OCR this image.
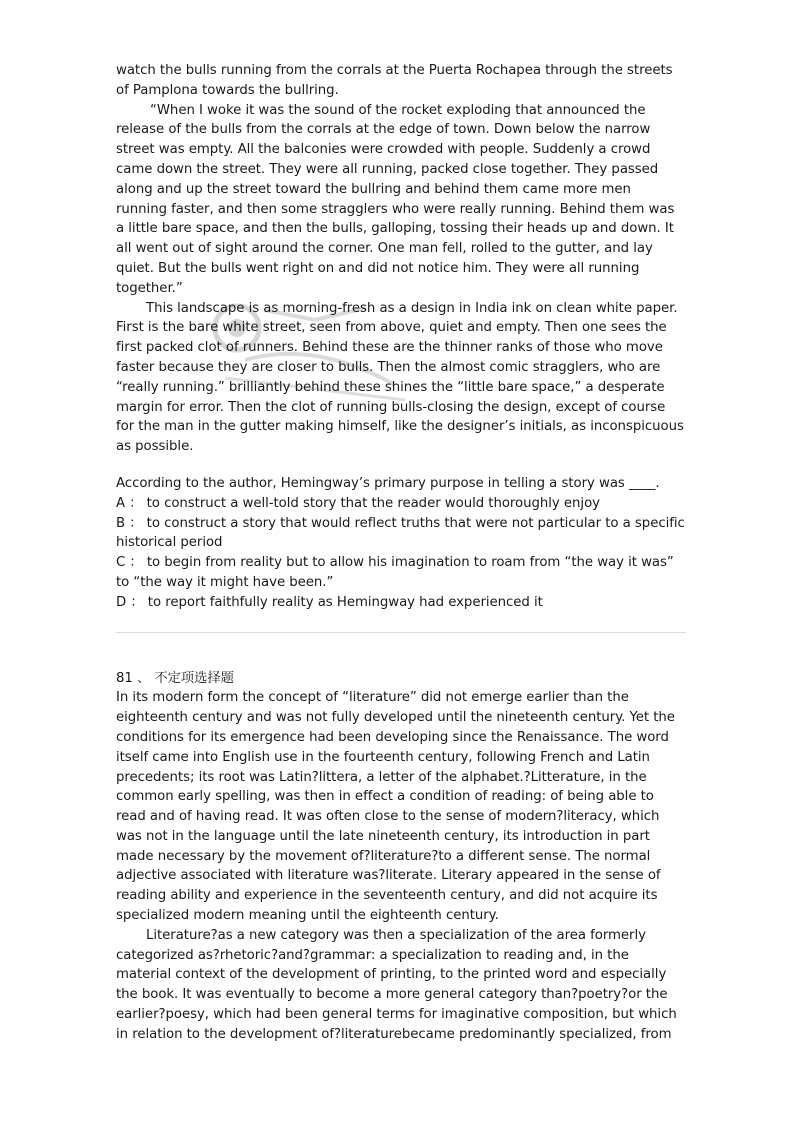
watch the bulls running from the corrals at the Puerta Rochapea through the streets of Pamplona towards the bullring.

“When I woke it was the sound of the rocket exploding that announced the release of the bulls from the corrals at the edge of town. Down below the narrow street was empty. All the balconies were crowded with people. Suddenly a crowd came down the street. They were all running, packed close together. They passed along and up the street toward the bullring and behind them came more men running faster, and then some stragglers who were really running. Behind them was a little bare space, and then the bulls, galloping, tossing their heads up and down. It all went out of sight around the corner. One man fell, rolled to the gutter, and lay quiet. But the bulls went right on and did not notice him. They were all running together.”

This landscape is as morning-fresh as a design in India ink on clean white paper. First is the bare white street, seen from above, quiet and empty. Then one sees the first packed clot of runners. Behind these are the thinner ranks of those who move faster because they are closer to bulls. Then the almost comic stragglers, who are “really running.” brilliantly behind these shines the “little bare space,” a desperate margin for error. Then the clot of running bulls-closing the design, except of course for the man in the gutter making himself, like the designer’s initials, as inconspicuous as possible.

According to the author, Hemingway’s primary purpose in telling a story was ____.

A ： to construct a well-told story that the reader would thoroughly enjoy

B ： to construct a story that would reflect truths that were not particular to a specific historical period

C ： to begin from reality but to allow his imagination to roam from “the way it was” to “the way it might have been.”

D ： to report faithfully reality as Hemingway had experienced it

81 、 不定项选择题

In its modern form the concept of “literature” did not emerge earlier than the eighteenth century and was not fully developed until the nineteenth century. Yet the conditions for its emergence had been developing since the Renaissance. The word itself came into English use in the fourteenth century, following French and Latin precedents; its root was Latin?littera, a letter of the alphabet.?Litterature, in the common early spelling, was then in effect a condition of reading: of being able to read and of having read. It was often close to the sense of modern?literacy, which was not in the language until the late nineteenth century, its introduction in part made necessary by the movement of?literature?to a different sense. The normal adjective associated with literature was?literate. Literary appeared in the sense of reading ability and experience in the seventeenth century, and did not acquire its specialized modern meaning until the eighteenth century.

Literature?as a new category was then a specialization of the area formerly categorized as?rhetoric?and?grammar: a specialization to reading and, in the material context of the development of printing, to the printed word and especially the book. It was eventually to become a more general category than?poetry?or the earlier?poesy, which had been general terms for imaginative composition, but which in relation to the development of?literaturebecame predominantly specialized, from
